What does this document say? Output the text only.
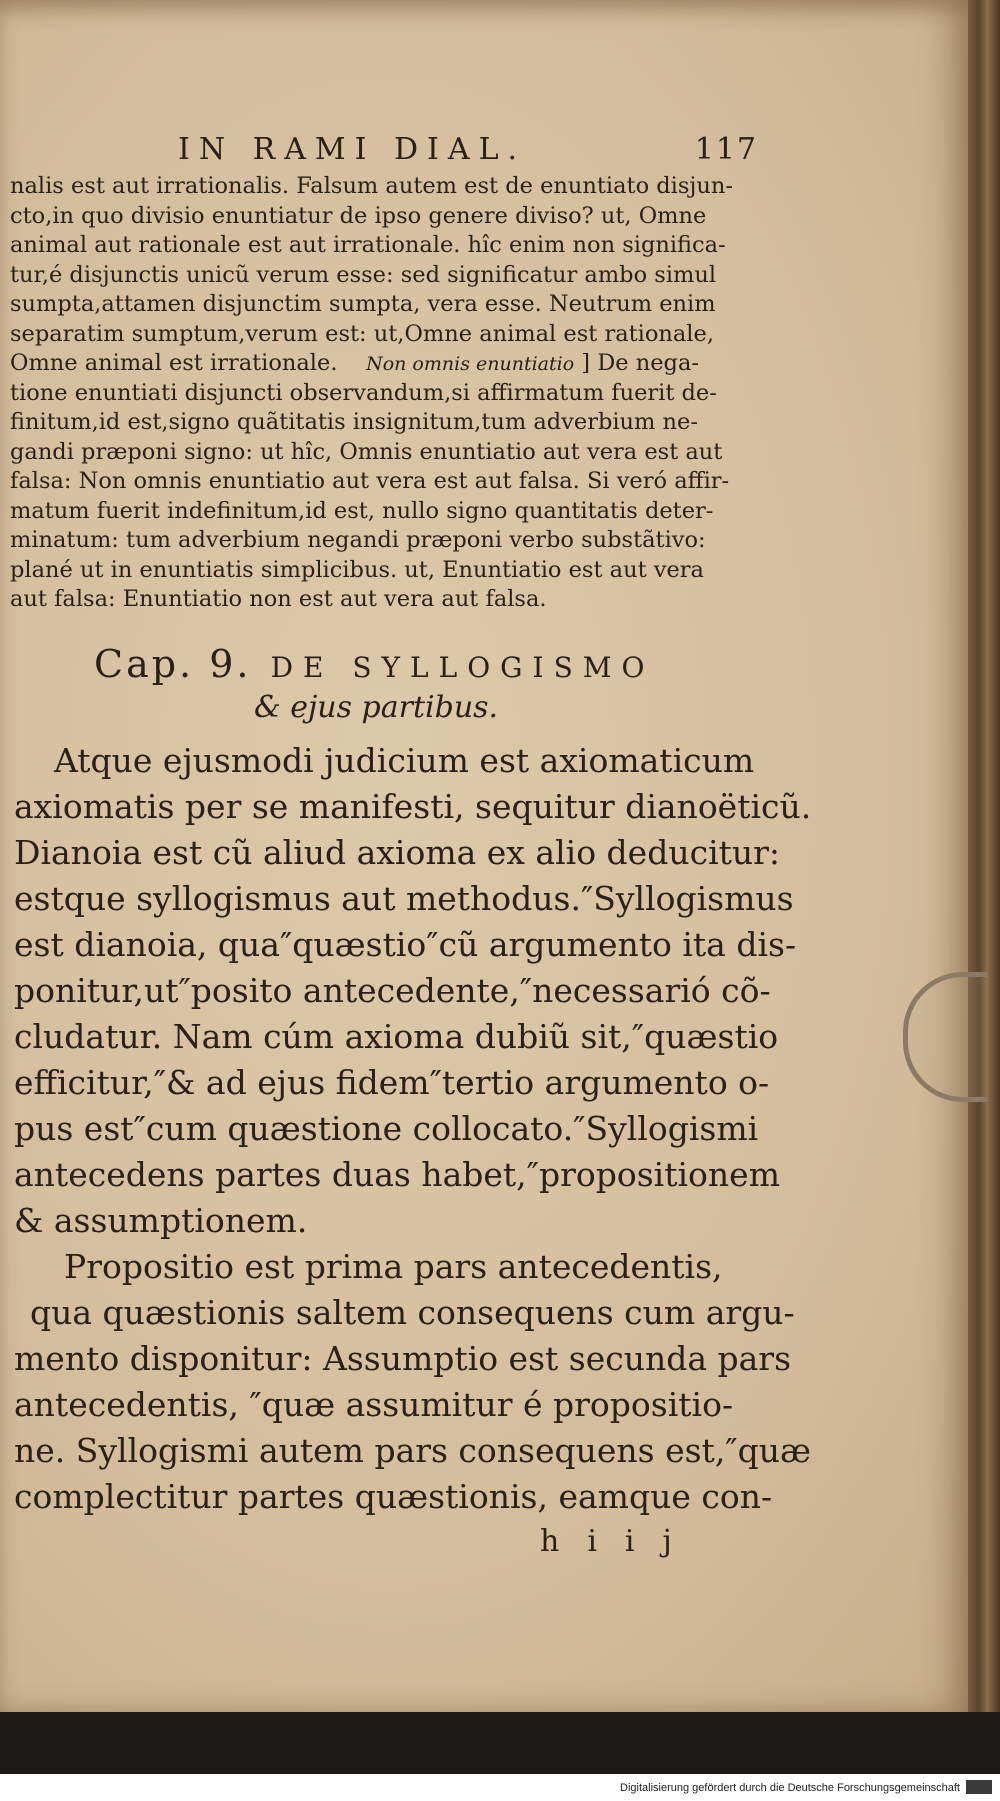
IN RAMI DIAL.	117
nalis est aut irrationalis. Falsum autem est de enuntiato disjun-
cto,in quo divisio enuntiatur de ipso genere diviso? ut, Omne
animal aut rationale est aut irrationale. hîc enim non significa-
tur,é disjunctis unicũ verum esse: sed significatur ambo simul
sumpta,attamen disjunctim sumpta, vera esse. Neutrum enim
separatim sumptum,verum est: ut,Omne animal est rationale,
Omne animal est irrationale. Non omnis enuntiatio ] De nega-
tione enuntiati disjuncti observandum,si affirmatum fuerit de-
finitum,id est,signo quãtitatis insignitum,tum adverbium ne-
gandi præponi signo: ut hîc, Omnis enuntiatio aut vera est aut
falsa: Non omnis enuntiatio aut vera est aut falsa. Si veró affir-
matum fuerit indefinitum,id est, nullo signo quantitatis deter-
minatum: tum adverbium negandi præponi verbo substãtivo:
plané ut in enuntiatis simplicibus. ut, Enuntiatio est aut vera
aut falsa: Enuntiatio non est aut vera aut falsa.
Cap. 9. DE SYLLOGISMO
& ejus partibus.
Atque ejusmodi judicium est axiomaticum
axiomatis per se manifesti, sequitur dianoëticũ.
Dianoia est cũ aliud axioma ex alio deducitur:
estque syllogismus aut methodus.″Syllogismus
est dianoia, qua″quæstio″cũ argumento ita dis-
ponitur,ut″posito antecedente,″necessarió cõ-
cludatur. Nam cúm axioma dubiũ sit,″quæstio
efficitur,″& ad ejus fidem″tertio argumento o-
pus est″cum quæstione collocato.″Syllogismi
antecedens partes duas habet,″propositionem
& assumptionem.
Propositio est prima pars antecedentis,
qua quæstionis saltem consequens cum argu-
mento disponitur: Assumptio est secunda pars
antecedentis, ″quæ assumitur é propositio-
ne. Syllogismi autem pars consequens est,″quæ
complectitur partes quæstionis, eamque con-
hiij
Digitalisierung gefördert durch die Deutsche Forschungsgemeinschaft
